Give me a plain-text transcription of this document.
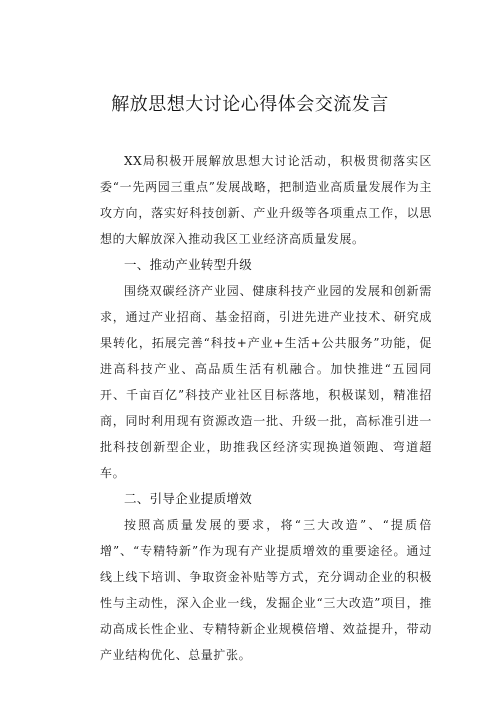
解放思想大讨论心得体会交流发言

XX局积极开展解放思想大讨论活动，积极贯彻落实区委“一先两园三重点”发展战略，把制造业高质量发展作为主攻方向，落实好科技创新、产业升级等各项重点工作，以思想的大解放深入推动我区工业经济高质量发展。

一、推动产业转型升级

围绕双碳经济产业园、健康科技产业园的发展和创新需求，通过产业招商、基金招商，引进先进产业技术、研究成果转化，拓展完善“科技+产业+生活+公共服务”功能，促进高科技产业、高品质生活有机融合。加快推进“五园同开、千亩百亿”科技产业社区目标落地，积极谋划，精准招商，同时利用现有资源改造一批、升级一批，高标准引进一批科技创新型企业，助推我区经济实现换道领跑、弯道超车。

二、引导企业提质增效

按照高质量发展的要求，将“三大改造”、“提质倍增”、“专精特新”作为现有产业提质增效的重要途径。通过线上线下培训、争取资金补贴等方式，充分调动企业的积极性与主动性，深入企业一线，发掘企业“三大改造”项目，推动高成长性企业、专精特新企业规模倍增、效益提升，带动产业结构优化、总量扩张。
